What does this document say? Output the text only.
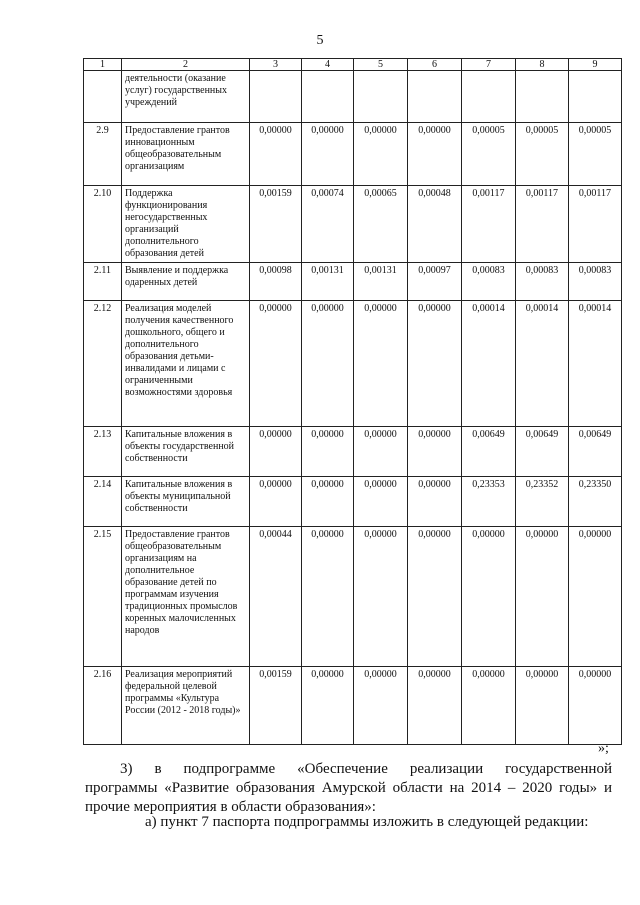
5
1	2	3	4	5	6	7	8	9
	деятельности (оказание услуг) государственных учреждений							
2.9	Предоставление грантов инновационным общеобразовательным организациям	0,00000	0,00000	0,00000	0,00000	0,00005	0,00005	0,00005
2.10	Поддержка функционирования негосударственных организаций дополнительного образования детей	0,00159	0,00074	0,00065	0,00048	0,00117	0,00117	0,00117
2.11	Выявление и поддержка одаренных детей	0,00098	0,00131	0,00131	0,00097	0,00083	0,00083	0,00083
2.12	Реализация моделей получения качественного дошкольного, общего и дополнительного образования детьми-инвалидами и лицами с ограниченными возможностями здоровья	0,00000	0,00000	0,00000	0,00000	0,00014	0,00014	0,00014
2.13	Капитальные вложения в объекты государственной собственности	0,00000	0,00000	0,00000	0,00000	0,00649	0,00649	0,00649
2.14	Капитальные вложения в объекты муниципальной собственности	0,00000	0,00000	0,00000	0,00000	0,23353	0,23352	0,23350
2.15	Предоставление грантов общеобразовательным организациям на дополнительное образование детей по программам изучения традиционных промыслов коренных малочисленных народов	0,00044	0,00000	0,00000	0,00000	0,00000	0,00000	0,00000
2.16	Реализация мероприятий федеральной целевой программы «Культура России (2012 - 2018 годы)»	0,00159	0,00000	0,00000	0,00000	0,00000	0,00000	0,00000
»;
3) в подпрограмме «Обеспечение реализации государственной
программы «Развитие образования Амурской области на 2014 – 2020 годы» и прочие мероприятия в области образования»:
а) пункт 7 паспорта подпрограммы изложить в следующей редакции:
